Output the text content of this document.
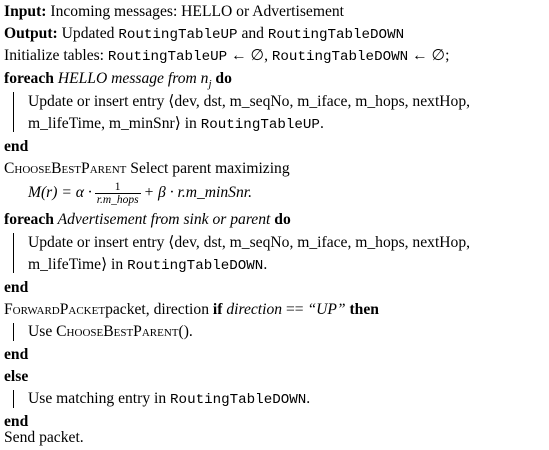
Input: Incoming messages: HELLO or Advertisement
Output: Updated RoutingTableUP and RoutingTableDOWN
Initialize tables: RoutingTableUP ← ∅, RoutingTableDOWN ← ∅;
foreach HELLO message from $n_j$ do
Update or insert entry ⟨dev, dst, m_seqNo, m_iface, m_hops, nextHop,
m_lifeTime, m_minSnr⟩ in RoutingTableUP.
end
ChooseBestParent Select parent maximizing
$M(r) = \alpha \cdot \frac{1}{\text{r.m\_hops}} + \beta$ · r.m_minSnr.
foreach Advertisement from sink or parent do
Update or insert entry ⟨dev, dst, m_seqNo, m_iface, m_hops, nextHop,
m_lifeTime⟩ in RoutingTableDOWN.
end
ForwardPacketpacket, direction if direction == “UP” then
Use ChooseBestParent().
end
else
Use matching entry in RoutingTableDOWN.
end
Send packet.
